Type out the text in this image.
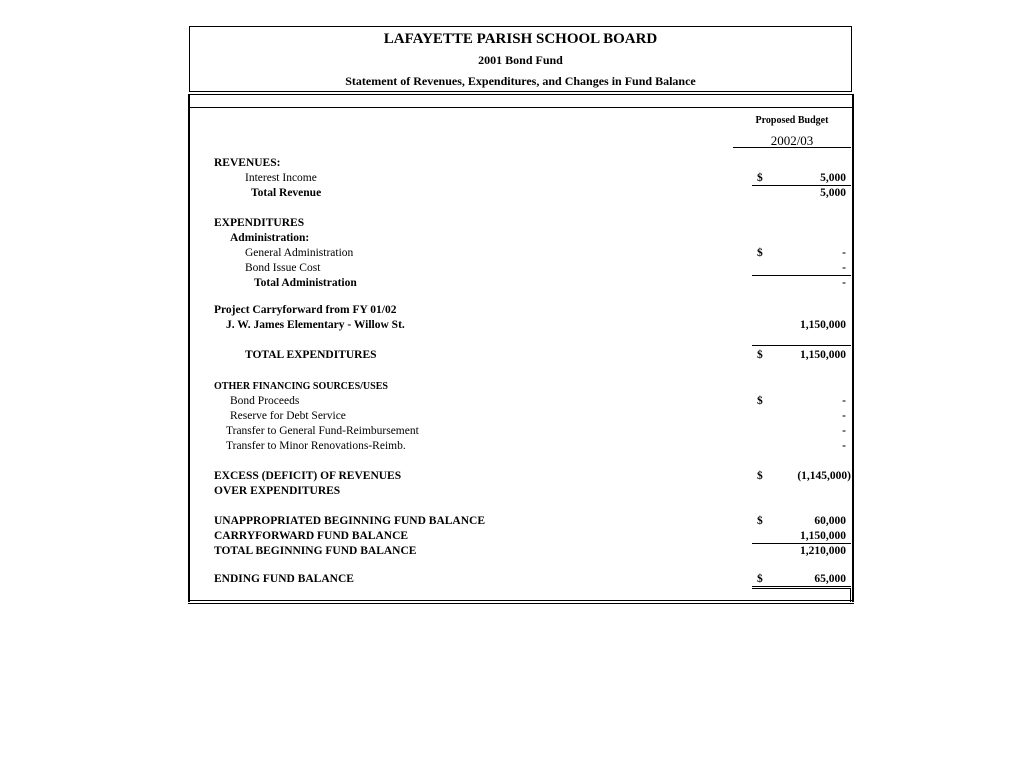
LAFAYETTE PARISH SCHOOL BOARD
2001 Bond Fund
Statement of Revenues, Expenditures, and Changes in Fund Balance
Proposed Budget
2002/03
REVENUES:
Interest Income	$	5,000
Total Revenue	5,000
EXPENDITURES
Administration:
General Administration	$	-
Bond Issue Cost	-
Total Administration	-
Project Carryforward from FY 01/02
J. W. James Elementary - Willow St.	1,150,000
TOTAL EXPENDITURES	$	1,150,000
OTHER FINANCING SOURCES/USES
Bond Proceeds	$	-
Reserve for Debt Service	-
Transfer to General Fund-Reimbursement	-
Transfer to Minor Renovations-Reimb.	-
EXCESS (DEFICIT) OF REVENUES
OVER EXPENDITURES
$	(1,145,000)
UNAPPROPRIATED BEGINNING FUND BALANCE	$	60,000
CARRYFORWARD FUND BALANCE	1,150,000
TOTAL BEGINNING FUND BALANCE	1,210,000
ENDING FUND BALANCE	$	65,000
